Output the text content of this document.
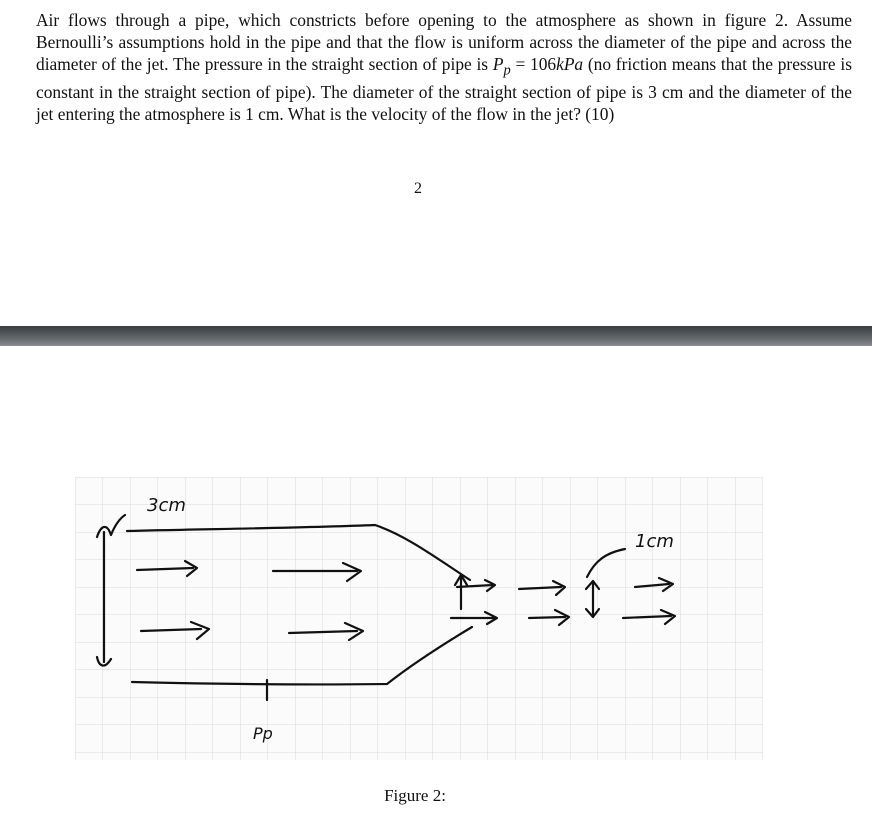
Air flows through a pipe, which constricts before opening to the atmosphere as shown in figure 2. Assume Bernoulli’s assumptions hold in the pipe and that the flow is uniform across the diameter of the pipe and across the diameter of the jet. The pressure in the straight section of pipe is $P_p = 106kPa$ (no friction means that the pressure is constant in the straight section of pipe). The diameter of the straight section of pipe is 3 cm and the diameter of the jet entering the atmosphere is 1 cm. What is the velocity of the flow in the jet? (10)

2
3cm
1cm
Pp
Figure 2:
